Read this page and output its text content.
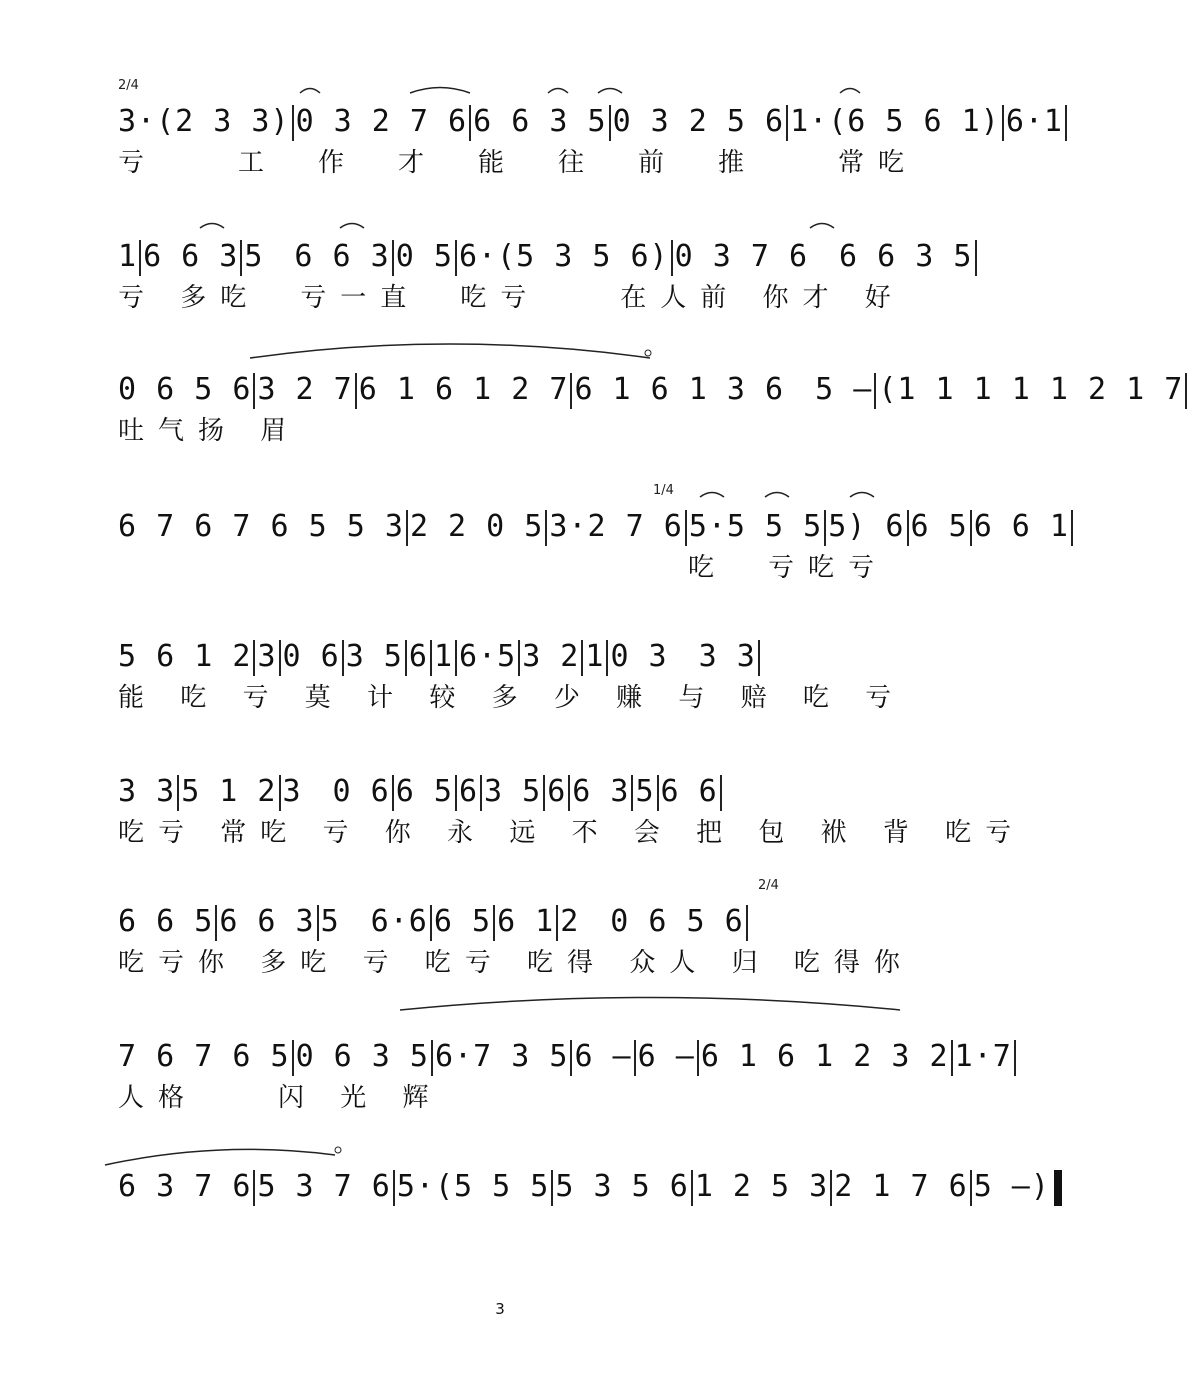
3·(2 3 3) 0 3 2 7 6 6 6 3 5 0 3 2 5 6 1·(6 5 6 1) 6·1
2/4
亏　　工　作　才　能　往　前　推　　常吃
1 6 6 3 5　6 6 3 0 5 6·(5 3 5 6) 0 3 7 6　6 6 3 5
亏 多吃　亏一直　吃亏　　在人前 你才 好
0 6 5 6 3 2 7 6 1 6 1 2 7 6 1 6 1 3 6　5 – (1 1 1 1 1 2 1 7
吐气扬 眉
6 7 6 7 6 5 5 3 2 2 0 5 3·2 7 6 5·5 5 5 5) 6 6 5 6 6 1
1/4
吃　亏吃亏
5 6 1 2 3 0 6 3 5 6 1 6·5 3 2 1 0 3　3 3
能 吃 亏 莫 计 较 多 少 赚 与 赔 吃 亏
3 3 5 1 2 3　0 6 6 5 6 3 5 6 6 3 5 6 6
吃亏 常吃 亏 你 永 远 不 会 把 包 袱 背 吃亏
6 6 5 6 6 3 5　6·6 6 5 6 1 2　0 6 5 6
2/4
吃亏你 多吃 亏 吃亏 吃得 众人 归 吃得你
7 6 7 6 5 0 6 3 5 6·7 3 5 6 – 6 – 6 1 6 1 2 3 2 1·7
人格　　闪 光 辉
6 3 7 6 5 3 7 6 5·(5 5 5 5 3 5 6 1 2 5 3 2 1 7 6 5 –)
3
